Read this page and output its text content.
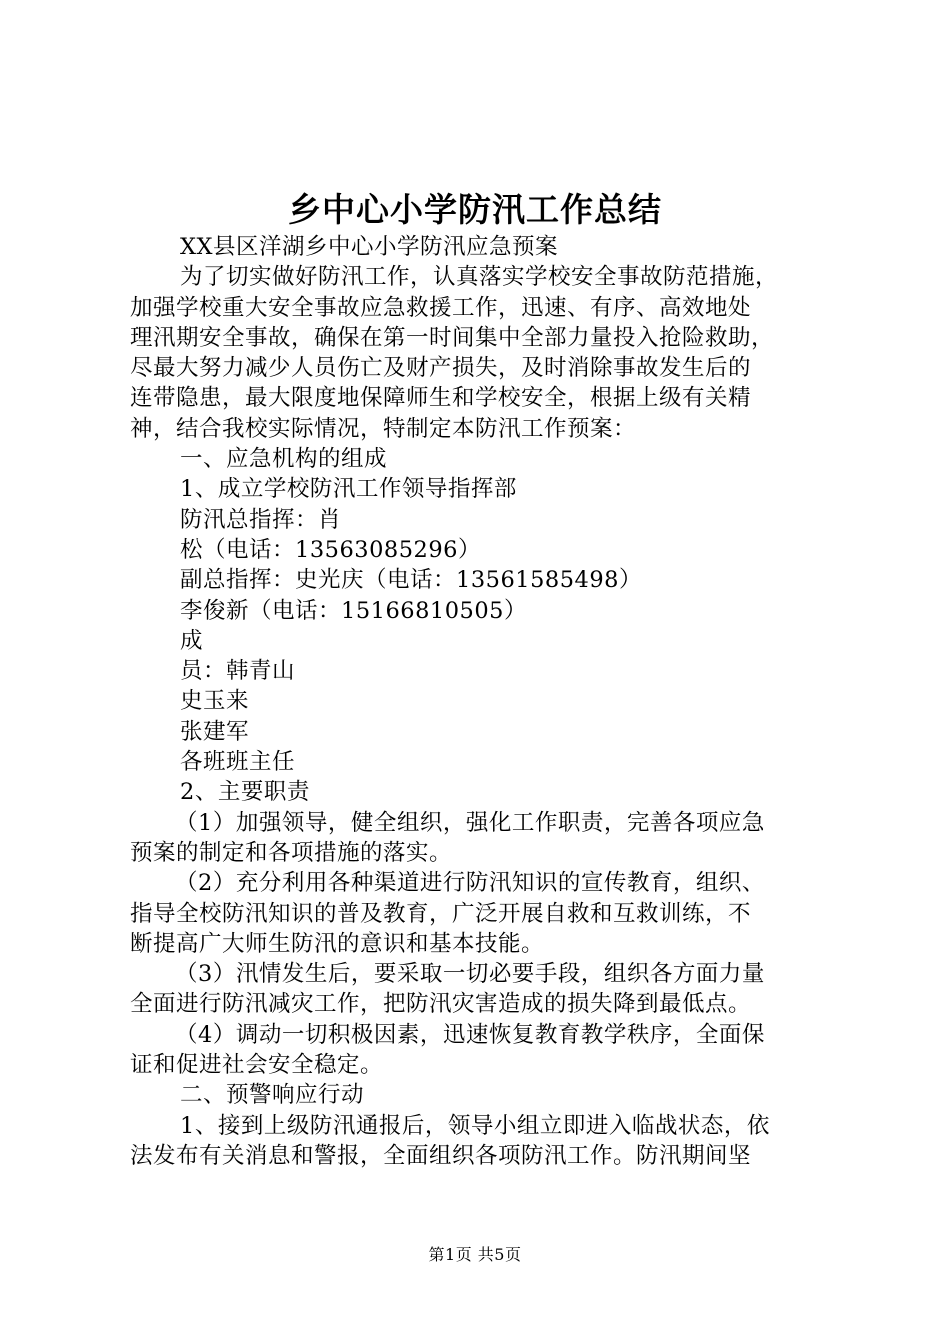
乡中心小学防汛工作总结
XX县区洋湖乡中心小学防汛应急预案
为了切实做好防汛工作，认真落实学校安全事故防范措施，
加强学校重大安全事故应急救援工作，迅速、有序、高效地处
理汛期安全事故，确保在第一时间集中全部力量投入抢险救助，
尽最大努力减少人员伤亡及财产损失，及时消除事故发生后的
连带隐患，最大限度地保障师生和学校安全，根据上级有关精
神，结合我校实际情况，特制定本防汛工作预案：
一、应急机构的组成
1、成立学校防汛工作领导指挥部
防汛总指挥：肖
松（电话：13563085296）
副总指挥：史光庆（电话：13561585498）
李俊新（电话：15166810505）
成
员：韩青山
史玉来
张建军
各班班主任
2、主要职责
（1）加强领导，健全组织，强化工作职责，完善各项应急
预案的制定和各项措施的落实。
（2）充分利用各种渠道进行防汛知识的宣传教育，组织、
指导全校防汛知识的普及教育，广泛开展自救和互救训练，不
断提高广大师生防汛的意识和基本技能。
（3）汛情发生后，要采取一切必要手段，组织各方面力量
全面进行防汛减灾工作，把防汛灾害造成的损失降到最低点。
（4）调动一切积极因素，迅速恢复教育教学秩序，全面保
证和促进社会安全稳定。
二、预警响应行动
1、接到上级防汛通报后，领导小组立即进入临战状态，依
法发布有关消息和警报，全面组织各项防汛工作。防汛期间坚
第1页 共5页
